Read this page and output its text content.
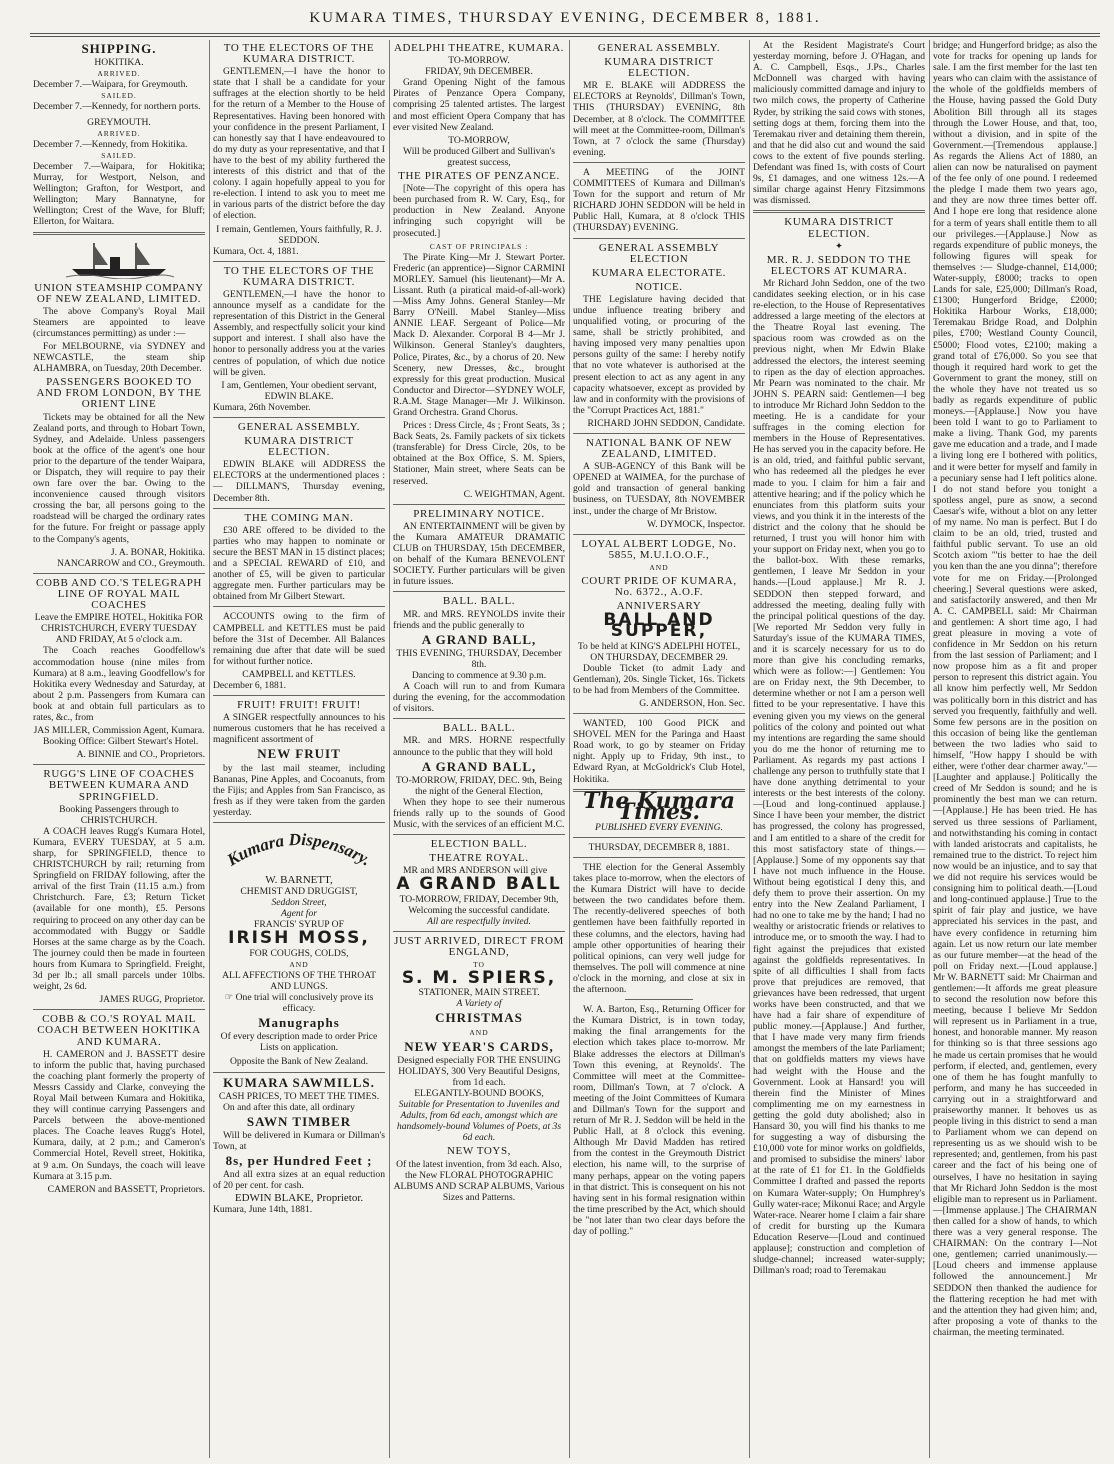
KUMARA TIMES, THURSDAY EVENING, DECEMBER 8, 1881.
SHIPPING.
HOKITIKA.
ARRIVED.
December 7.—Waipara, for Greymouth.
SAILED.
December 7.—Kennedy, for northern ports.
GREYMOUTH.
ARRIVED.
December 7.—Kennedy, from Hokitika.
SAILED.
December 7.—Waipara, for Hokitika; Murray, for Westport, Nelson, and Wellington; Grafton, for Westport, and Wellington; Mary Bannatyne, for Wellington; Crest of the Wave, for Bluff; Ellerton, for Waitara.
UNION STEAMSHIP COMPANY OF NEW ZEALAND, LIMITED.

The above Company's Royal Mail Steamers are appointed to leave (circumstances permitting) as under :—

For MELBOURNE, via SYDNEY and NEWCASTLE, the steam ship ALHAMBRA, on Tuesday, 20th December.

PASSENGERS BOOKED TO AND FROM LONDON, BY THE ORIENT LINE

Tickets may be obtained for all the New Zealand ports, and through to Hobart Town, Sydney, and Adelaide. Unless passengers book at the office of the agent's one hour prior to the departure of the tender Waipara, or Dispatch, they will require to pay their own fare over the bar. Owing to the inconvenience caused through visitors crossing the bar, all persons going to the roadstead will be charged the ordinary rates for the future. For freight or passage apply to the Company's agents,

J. A. BONAR, Hokitika.
NANCARROW and CO., Greymouth.
COBB AND CO.'S TELEGRAPH LINE OF ROYAL MAIL COACHES
Leave the EMPIRE HOTEL, Hokitika FOR CHRISTCHURCH, EVERY TUESDAY AND FRIDAY, At 5 o'clock a.m.

The Coach reaches Goodfellow's accommodation house (nine miles from Kumara) at 8 a.m., leaving Goodfellow's for Hokitika every Wednesday and Saturday, at about 2 p.m. Passengers from Kumara can book at and obtain full particulars as to rates, &c., from

JAS MILLER, Commission Agent, Kumara.

Booking Office: Gilbert Stewart's Hotel.

A. BINNIE and CO., Proprietors.
RUGG'S LINE OF COACHES BETWEEN KUMARA AND SPRINGFIELD.
Booking Passengers through to CHRISTCHURCH.

A COACH leaves Rugg's Kumara Hotel, Kumara, EVERY TUESDAY, at 5 a.m. sharp, for SPRINGFIELD, thence to CHRISTCHURCH by rail; returning from Springfield on FRIDAY following, after the arrival of the first Train (11.15 a.m.) from Christchurch. Fare, £3; Return Ticket (available for one month), £5. Persons requiring to proceed on any other day can be accommodated with Buggy or Saddle Horses at the same charge as by the Coach. The journey could then be made in fourteen hours from Kumara to Springfield. Freight, 3d per lb.; all small parcels under 10lbs. weight, 2s 6d.

JAMES RUGG, Proprietor.
COBB & CO.'S ROYAL MAIL COACH BETWEEN HOKITIKA AND KUMARA.

H. CAMERON and J. BASSETT desire to inform the public that, having purchased the coaching plant formerly the property of Messrs Cassidy and Clarke, conveying the Royal Mail between Kumara and Hokitika, they will continue carrying Passengers and Parcels between the above-mentioned places. The Coache leaves Rugg's Hotel, Kumara, daily, at 2 p.m.; and Cameron's Commercial Hotel, Revell street, Hokitika, at 9 a.m. On Sundays, the coach will leave Kumara at 3.15 p.m.

CAMERON and BASSETT, Proprietors.
TO THE ELECTORS OF THE KUMARA DISTRICT.

GENTLEMEN,—I have the honor to state that I shall be a candidate for your suffrages at the election shortly to be held for the return of a Member to the House of Representatives. Having been honored with your confidence in the present Parliament, I can honestly say that I have endeavoured to do my duty as your representative, and that I have to the best of my ability furthered the interests of this district and that of the colony. I again hopefully appeal to you for re-election. I intend to ask you to meet me in various parts of the district before the day of election.

I remain, Gentlemen, Yours faithfully, R. J. SEDDON.
Kumara, Oct. 4, 1881.
TO THE ELECTORS OF THE KUMARA DISTRICT.

GENTLEMEN,—I have the honor to announce myself as a candidate for the representation of this District in the General Assembly, and respectfully solicit your kind support and interest. I shall also have the honor to personally address you at the varies centres of population, of which due notice will be given.

I am, Gentlemen, Your obedient servant, EDWIN BLAKE.
Kumara, 26th November.
GENERAL ASSEMBLY.
KUMARA DISTRICT ELECTION.

EDWIN BLAKE will ADDRESS the ELECTORS at the undermentioned places :— DILLMAN'S, Thursday evening, December 8th.

THE COMING MAN.

£30 ARE offered to be divided to the parties who may happen to nominate or secure the BEST MAN in 15 distinct places; and a SPECIAL REWARD of £10, and another of £5, will be given to particular aggregate men. Further particulars may be obtained from Mr Gilbert Stewart.

ACCOUNTS owing to the firm of CAMPBELL and KETTLES must be paid before the 31st of December. All Balances remaining due after that date will be sued for without further notice.

CAMPBELL and KETTLES.
December 6, 1881.
FRUIT! FRUIT! FRUIT!

A SINGER respectfully announces to his numerous customers that he has received a magnificent assortment of

NEW FRUIT

by the last mail steamer, including Bananas, Pine Apples, and Cocoanuts, from the Fijis; and Apples from San Francisco, as fresh as if they were taken from the garden yesterday.

Kumara Dispensary.
W. BARNETT,
CHEMIST AND DRUGGIST,
Seddon Street,
Agent for
FRANCIS' SYRUP OF
IRISH MOSS,
FOR COUGHS, COLDS,
AND
ALL AFFECTIONS OF THE THROAT AND LUNGS.
☞ One trial will conclusively prove its efficacy.
Manugraphs
Of every description made to order Price Lists on application.
Opposite the Bank of New Zealand.
KUMARA SAWMILLS.
CASH PRICES, TO MEET THE TIMES.

On and after this date, all ordinary

SAWN TIMBER

Will be delivered in Kumara or Dillman's Town, at

8s, per Hundred Feet ;

And all extra sizes at an equal reduction of 20 per cent. for cash.

EDWIN BLAKE, Proprietor.
Kumara, June 14th, 1881.
ADELPHI THEATRE, KUMARA.
TO-MORROW.
FRIDAY, 9th DECEMBER.

Grand Opening Night of the famous Pirates of Penzance Opera Company, comprising 25 talented artistes. The largest and most efficient Opera Company that has ever visited New Zealand.

TO-MORROW,
Will be produced Gilbert and Sullivan's greatest success,
THE PIRATES OF PENZANCE.

[Note—The copyright of this opera has been purchased from R. W. Cary, Esq., for production in New Zealand. Anyone infringing such copyright will be prosecuted.]

CAST OF PRINCIPALS :

The Pirate King—Mr J. Stewart Porter. Frederic (an apprentice)—Signor CARMINI MORLEY. Samuel (his lieutenant)—Mr A. Lissant. Ruth (a piratical maid-of-all-work)—Miss Amy Johns. General Stanley—Mr Barry O'Neill. Mabel Stanley—Miss ANNIE LEAF. Sergeant of Police—Mr Mack D. Alexander. Corporal B 4—Mr J. Wilkinson. General Stanley's daughters, Police, Pirates, &c., by a chorus of 20. New Scenery, new Dresses, &c., brought expressly for this great production. Musical Conductor and Director—SYDNEY WOLF, R.A.M. Stage Manager—Mr J. Wilkinson. Grand Orchestra. Grand Chorus.

Prices : Dress Circle, 4s ; Front Seats, 3s ; Back Seats, 2s. Family packets of six tickets (transferable) for Dress Circle, 20s, to be obtained at the Box Office, S. M. Spiers, Stationer, Main street, where Seats can be reserved.

C. WEIGHTMAN, Agent.
PRELIMINARY NOTICE.

AN ENTERTAINMENT will be given by the Kumara AMATEUR DRAMATIC CLUB on THURSDAY, 15th DECEMBER, on behalf of the Kumara BENEVOLENT SOCIETY. Further particulars will be given in future issues.

BALL. BALL.

MR. and MRS. REYNOLDS invite their friends and the public generally to

A GRAND BALL,
THIS EVENING, THURSDAY, December 8th.
Dancing to commence at 9.30 p.m.

A Coach will run to and from Kumara during the evening, for the accommodation of visitors.

BALL. BALL.

MR. and MRS. HORNE respectfully announce to the public that they will hold

A GRAND BALL,
TO-MORROW, FRIDAY, DEC. 9th, Being the night of the General Election,

When they hope to see their numerous friends rally up to the sounds of Good Music, with the services of an efficient M.C.

ELECTION BALL.
THEATRE ROYAL.

MR and MRS ANDERSON will give

A GRAND BALL
TO-MORROW, FRIDAY, December 9th,
Welcoming the successful candidate.
All are respectfully invited.
JUST ARRIVED, DIRECT FROM ENGLAND,
TO
S. M. SPIERS,
STATIONER, MAIN STREET.
A Variety of
CHRISTMAS
AND
NEW YEAR'S CARDS,
Designed especially FOR THE ENSUING HOLIDAYS, 300 Very Beautiful Designs, from 1d each.
ELEGANTLY-BOUND BOOKS,
Suitable for Presentation to Juveniles and Adults, from 6d each, amongst which are handsomely-bound Volumes of Poets, at 3s 6d each.
NEW TOYS,
Of the latest invention, from 3d each. Also, the New FLORAL PHOTOGRAPHIC ALBUMS AND SCRAP ALBUMS, Various Sizes and Patterns.
GENERAL ASSEMBLY.
KUMARA DISTRICT ELECTION.

MR E. BLAKE will ADDRESS the ELECTORS at Reynolds', Dillman's Town, THIS (THURSDAY) EVENING, 8th December, at 8 o'clock. The COMMITTEE will meet at the Committee-room, Dillman's Town, at 7 o'clock the same (Thursday) evening.

A MEETING of the JOINT COMMITTEES of Kumara and Dillman's Town for the support and return of Mr RICHARD JOHN SEDDON will be held in Public Hall, Kumara, at 8 o'clock THIS (THURSDAY) EVENING.

GENERAL ASSEMBLY ELECTION
KUMARA ELECTORATE.
NOTICE.

THE Legislature having decided that undue influence treating bribery and unqualified voting, or procuring of the same, shall be strictly prohibited, and having imposed very many penalties upon persons guilty of the same: I hereby notify that no vote whatever is authorised at the present election to act as any agent in any capacity whatsoever, except as provided by law and in conformity with the provisions of the "Corrupt Practices Act, 1881."

RICHARD JOHN SEDDON, Candidate.
NATIONAL BANK OF NEW ZEALAND, LIMITED.

A SUB-AGENCY of this Bank will be OPENED at WAIMEA, for the purchase of gold and transaction of general banking business, on TUESDAY, 8th NOVEMBER inst., under the charge of Mr Bristow.

W. DYMOCK, Inspector.
LOYAL ALBERT LODGE, No. 5855, M.U.I.O.O.F.,
AND
COURT PRIDE OF KUMARA, No. 6372., A.O.F.
ANNIVERSARY
BALL AND SUPPER,
To be held at KING'S ADELPHI HOTEL, ON THURSDAY, DECEMBER 29.

Double Ticket (to admit Lady and Gentleman), 20s. Single Ticket, 16s. Tickets to be had from Members of the Committee.

G. ANDERSON, Hon. Sec.

WANTED, 100 Good PICK and SHOVEL MEN for the Paringa and Haast Road work, to go by steamer on Friday night. Apply up to Friday, 9th inst., to Edward Ryan, at McGoldrick's Club Hotel, Hokitika.

The Kumara Times.
PUBLISHED EVERY EVENING.
THURSDAY, DECEMBER 8, 1881.

THE election for the General Assembly takes place to-morrow, when the electors of the Kumara District will have to decide between the two candidates before them. The recently-delivered speeches of both gentlemen have been faithfully reported in these columns, and the electors, having had ample other opportunities of hearing their political opinions, can very well judge for themselves. The poll will commence at nine o'clock in the morning, and close at six in the afternoon.

W. A. Barton, Esq., Returning Officer for the Kumara District, is in town today, making the final arrangements for the election which takes place to-morrow. Mr Blake addresses the electors at Dillman's Town this evening, at Reynolds'. The Committee will meet at the Committee-room, Dillman's Town, at 7 o'clock. A meeting of the Joint Committees of Kumara and Dillman's Town for the support and return of Mr R. J. Seddon will be held in the Public Hall, at 8 o'clock this evening. Although Mr David Madden has retired from the contest in the Greymouth District election, his name will, to the surprise of many perhaps, appear on the voting papers in that district. This is consequent on his not having sent in his formal resignation within the time prescribed by the Act, which should be "not later than two clear days before the day of polling."

At the Resident Magistrate's Court yesterday morning, before J. O'Hagan, and A. C. Campbell, Esqs., J.Ps., Charles McDonnell was charged with having maliciously committed damage and injury to two milch cows, the property of Catherine Ryder, by striking the said cows with stones, setting dogs at them, forcing them into the Teremakau river and detaining them therein, and that he did also cut and wound the said cows to the extent of five pounds sterling. Defendant was fined 1s, with costs of Court 9s, £1 damages, and one witness 12s.—A similar charge against Henry Fitzsimmons was dismissed.

KUMARA DISTRICT ELECTION.
✦
MR. R. J. SEDDON TO THE ELECTORS AT KUMARA.

Mr Richard John Seddon, one of the two candidates seeking election, or in his case re-election, to the House of Representatives addressed a large meeting of the electors at the Theatre Royal last evening. The spacious room was crowded as on the previous night, when Mr Edwin Blake addressed the electors, the interest seeming to ripen as the day of election approaches. Mr Pearn was nominated to the chair. Mr JOHN S. PEARN said: Gentlemen—I beg to introduce Mr Richard John Seddon to the meeting. He is a candidate for your suffrages in the coming election for members in the House of Representatives. He has served you in the capacity before. He is an old, tried, and faithful public servant, who has redeemed all the pledges he ever made to you. I claim for him a fair and attentive hearing; and if the policy which he enunciates from this platform suits your views, and you think it in the interests of the district and the colony that he should be returned, I trust you will honor him with your support on Friday next, when you go to the ballot-box. With these remarks, gentlemen, I leave Mr Seddon in your hands.—[Loud applause.] Mr R. J. SEDDON then stepped forward, and addressed the meeting, dealing fully with the principal political questions of the day. [We reported Mr Seddon very fully in Saturday's issue of the KUMARA TIMES, and it is scarcely necessary for us to do more than give his concluding remarks, which were as follow:—] Gentlemen: You are on Friday next, the 9th December, to determine whether or not I am a person well fitted to be your representative. I have this evening given you my views on the general politics of the colony and pointed out what my intentions are regarding the same should you do me the honor of returning me to Parliament. As regards my past actions I challenge any person to truthfully state that I have done anything detrimental to your interests or the best interests of the colony.—[Loud and long-continued applause.] Since I have been your member, the district has progressed, the colony has progressed, and I am entitled to a share of the credit for this most satisfactory state of things.—[Applause.] Some of my opponents say that I have not much influence in the House. Without being egotistical I deny this, and defy them to prove their assertion. On my entry into the New Zealand Parliament, I had no one to take me by the hand; I had no wealthy or aristocratic friends or relatives to introduce me, or to smooth the way. I had to fight against the prejudices that existed against the goldfields representatives. In spite of all difficulties I shall from facts prove that prejudices are removed, that grievances have been redressed, that urgent works have been constructed, and that we have had a fair share of expenditure of public money.—[Applause.] And further, that I have made very many firm friends amongst the members of the late Parliament; that on goldfields matters my views have had weight with the House and the Government. Look at Hansard! you will therein find the Minister of Mines complimenting me on my earnestness in getting the gold duty abolished; also in Hansard 30, you will find his thanks to me for suggesting a way of disbursing the £10,000 vote for minor works on goldfields, and promised to subsidise the miners' labor at the rate of £1 for £1. In the Goldfields Committee I drafted and passed the reports on Kumara Water-supply; On Humphrey's Gully water-race; Mikonui Race; and Argyle Water-race. Nearer home I claim a fair share of credit for bursting up the Kumara Education Reserve—[Loud and continued applause]; construction and completion of sludge-channel; increased water-supply; Dillman's road; road to Teremakau

bridge; and Hungerford bridge; as also the vote for tracks for opening up lands for sale. I am the first member for the last ten years who can claim with the assistance of the whole of the goldfields members of the House, having passed the Gold Duty Abolition Bill through all its stages through the Lower House, and that, too, without a division, and in spite of the Government.—[Tremendous applause.] As regards the Aliens Act of 1880, an alien can now be naturalised on payment of the fee only of one pound. I redeemed the pledge I made them two years ago, and they are now three times better off. And I hope ere long that residence alone for a term of years shall entitle them to all our privileges.—[Applause.] Now as regards expenditure of public moneys, the following figures will speak for themselves :— Sludge-channel, £14,000; Water-supply, £8000; tracks to open Lands for sale, £25,000; Dillman's Road, £1300; Hungerford Bridge, £2000; Hokitika Harbour Works, £18,000; Teremakau Bridge Road, and Dolphin piles, £700; Westland County Council, £5000; Flood votes, £2100; making a grand total of £76,000. So you see that though it required hard work to get the Government to grant the money, still on the whole they have not treated us so badly as regards expenditure of public moneys.—[Applause.] Now you have been told I want to go to Parliament to make a living. Thank God, my parents gave me education and a trade, and I made a living long ere I bothered with politics, and it were better for myself and family in a pecuniary sense had I left politics alone. I do not stand before you tonight a spotless angel, pure as snow, a second Caesar's wife, without a blot on any letter of my name. No man is perfect. But I do claim to be an old, tried, trusted and faithful public servant. To use an old Scotch axiom "'tis better to hae the deil you ken than the ane you dinna"; therefore vote for me on Friday.—[Prolonged cheering.] Several questions were asked, and satisfactorily answered, and then Mr A. C. CAMPBELL said: Mr Chairman and gentlemen: A short time ago, I had great pleasure in moving a vote of confidence in Mr Seddon on his return from the last session of Parliament; and I now propose him as a fit and proper person to represent this district again. You all know him perfectly well, Mr Seddon was politically born in this district and has served you frequently, faithfully and well. Some few persons are in the position on this occasion of being like the gentleman between the two ladies who said to himself, "How happy I should be with either, were t'other dear charmer away."—[Laughter and applause.] Politically the creed of Mr Seddon is sound; and he is prominently the best man we can return.—[Applause.] He has been tried. He has served us three sessions of Parliament, and notwithstanding his coming in contact with landed aristocrats and capitalists, he remained true to the district. To reject him now would be an injustice, and to say that we did not require his services would be consigning him to political death.—[Loud and long-continued applause.] True to the spirit of fair play and justice, we have appreciated his services in the past, and have every confidence in returning him again. Let us now return our late member as our future member—at the head of the poll on Friday next.—[Loud applause.] Mr W. BARNETT said: Mr Chairman and gentlemen:—It affords me great pleasure to second the resolution now before this meeting, because I believe Mr Seddon will represent us in Parliament in a true, honest, and honorable manner. My reason for thinking so is that three sessions ago he made us certain promises that he would perform, if elected, and, gentlemen, every one of them he has fought manfully to perform, and many he has succeeded in carrying out in a straightforward and praiseworthy manner. It behoves us as people living in this district to send a man to Parliament whom we can depend on representing us as we should wish to be represented; and, gentlemen, from his past career and the fact of his being one of ourselves, I have no hesitation in saying that Mr Richard John Seddon is the most eligible man to represent us in Parliament.—[Immense applause.] The CHAIRMAN then called for a show of hands, to which there was a very general response. The CHAIRMAN: On the contrary I—Not one, gentlemen; carried unanimously.—[Loud cheers and immense applause followed the announcement.] Mr SEDDON then thanked the audience for the flattering reception he had met with and the attention they had given him; and, after proposing a vote of thanks to the chairman, the meeting terminated.
